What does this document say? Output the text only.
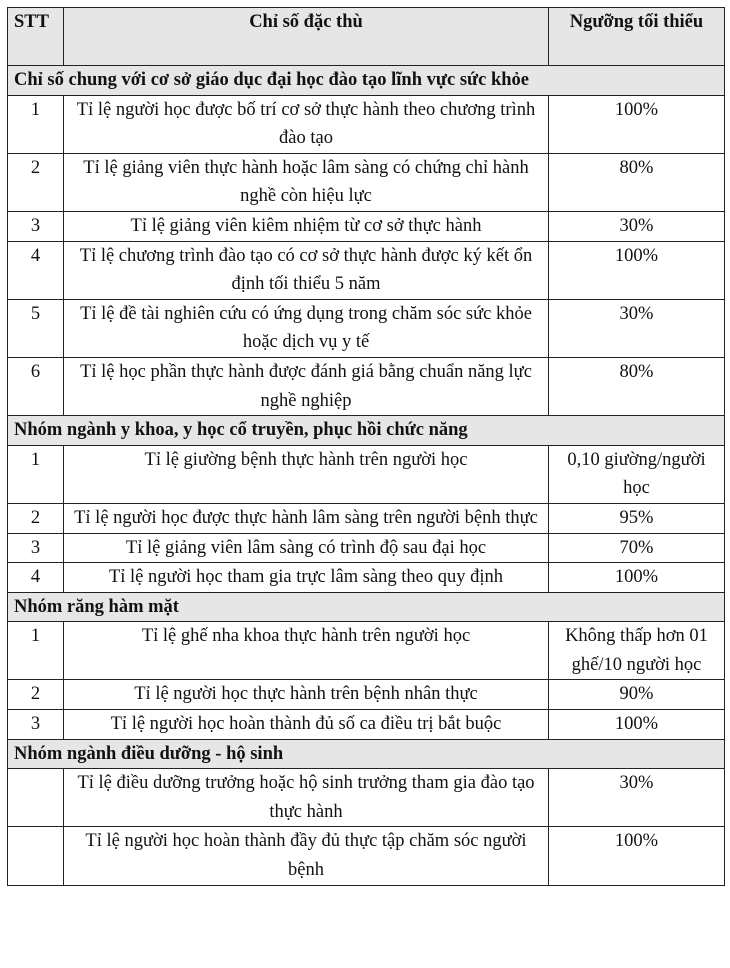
STT	Chỉ số đặc thù	Ngưỡng tối thiểu
Chỉ số chung với cơ sở giáo dục đại học đào tạo lĩnh vực sức khỏe		
1	Tỉ lệ người học được bố trí cơ sở thực hành theo chương trình đào tạo	100%
2	Tỉ lệ giảng viên thực hành hoặc lâm sàng có chứng chỉ hành nghề còn hiệu lực	80%
3	Tỉ lệ giảng viên kiêm nhiệm từ cơ sở thực hành	30%
4	Tỉ lệ chương trình đào tạo có cơ sở thực hành được ký kết ổn định tối thiểu 5 năm	100%
5	Tỉ lệ đề tài nghiên cứu có ứng dụng trong chăm sóc sức khỏe hoặc dịch vụ y tế	30%
6	Tỉ lệ học phần thực hành được đánh giá bằng chuẩn năng lực nghề nghiệp	80%
Nhóm ngành y khoa, y học cổ truyền, phục hồi chức năng		
1	Tỉ lệ giường bệnh thực hành trên người học	0,10 giường/người học
2	Tỉ lệ người học được thực hành lâm sàng trên người bệnh thực	95%
3	Tỉ lệ giảng viên lâm sàng có trình độ sau đại học	70%
4	Tỉ lệ người học tham gia trực lâm sàng theo quy định	100%
Nhóm răng hàm mặt		
1	Tỉ lệ ghế nha khoa thực hành trên người học	Không thấp hơn 01 ghế/10 người học
2	Tỉ lệ người học thực hành trên bệnh nhân thực	90%
3	Tỉ lệ người học hoàn thành đủ số ca điều trị bắt buộc	100%
Nhóm ngành điều dưỡng - hộ sinh		
	Tỉ lệ điều dưỡng trưởng hoặc hộ sinh trưởng tham gia đào tạo thực hành	30%
	Tỉ lệ người học hoàn thành đầy đủ thực tập chăm sóc người bệnh	100%
